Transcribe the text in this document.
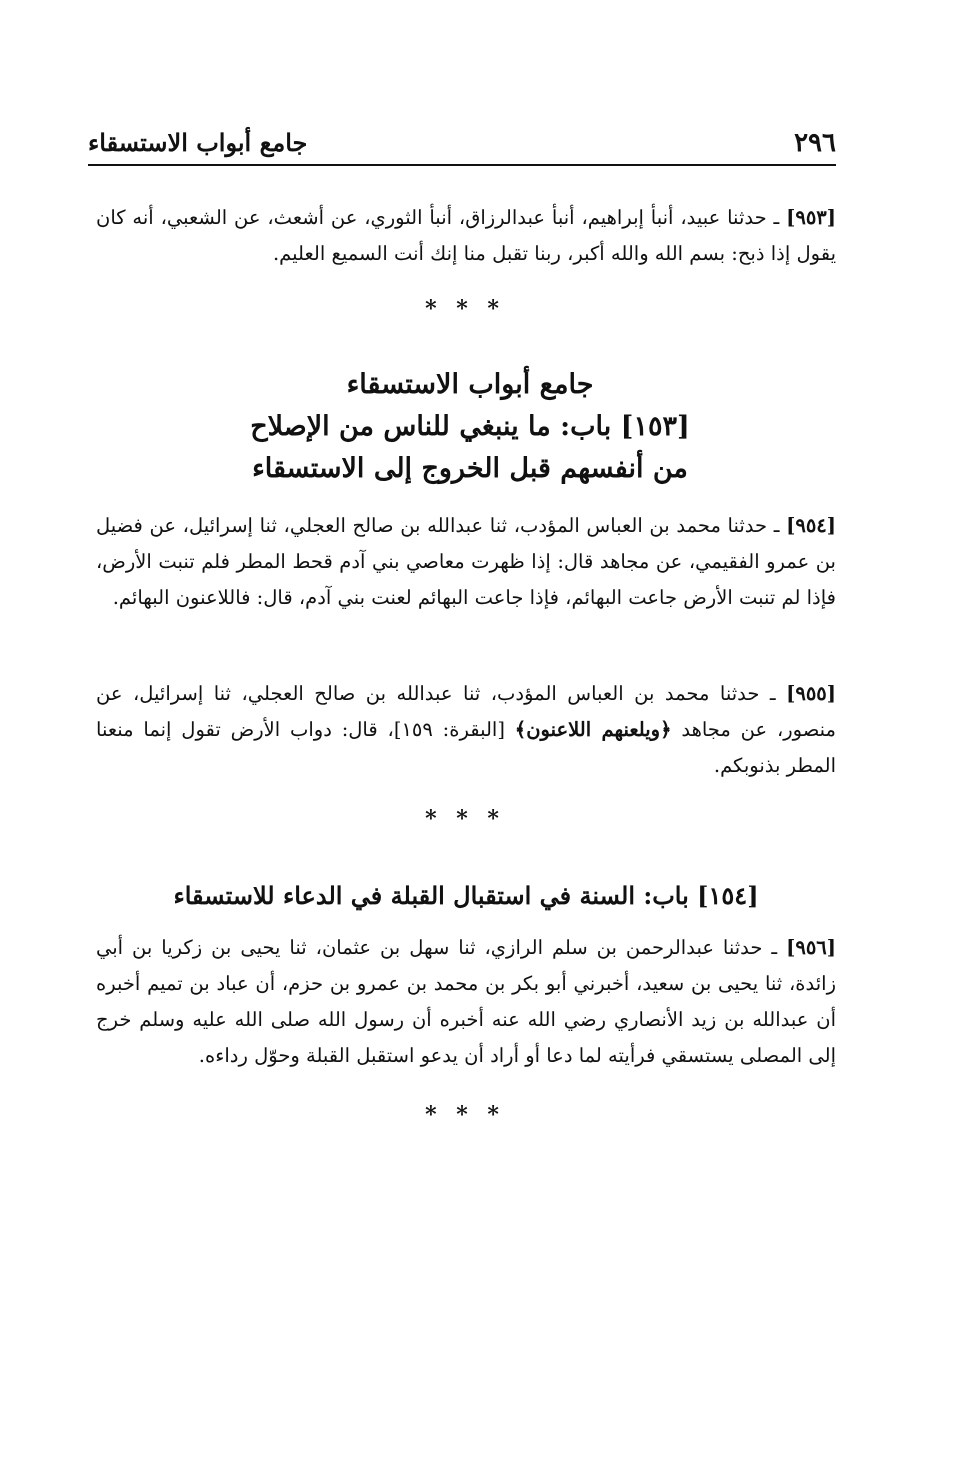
٢٩٦
جامع أبواب الاستسقاء

[٩٥٣] ـ حدثنا عبيد، أنبأ إبراهيم، أنبأ عبدالرزاق، أنبأ الثوري، عن أشعث، عن الشعبي، أنه كان يقول إذا ذبح: بسم الله والله أكبر، ربنا تقبل منا إنك أنت السميع العليم.

* * *
جامع أبواب الاستسقاء
[١٥٣] باب: ما ينبغي للناس من الإصلاح
من أنفسهم قبل الخروج إلى الاستسقاء

[٩٥٤] ـ حدثنا محمد بن العباس المؤدب، ثنا عبدالله بن صالح العجلي، ثنا إسرائيل، عن فضيل بن عمرو الفقيمي، عن مجاهد قال: إذا ظهرت معاصي بني آدم قحط المطر فلم تنبت الأرض، فإذا لم تنبت الأرض جاعت البهائم، فإذا جاعت البهائم لعنت بني آدم، قال: فاللاعنون البهائم.

[٩٥٥] ـ حدثنا محمد بن العباس المؤدب، ثنا عبدالله بن صالح العجلي، ثنا إسرائيل، عن منصور، عن مجاهد ﴿ويلعنهم اللاعنون﴾ [البقرة: ١٥٩]، قال: دواب الأرض تقول إنما منعنا المطر بذنوبكم.

* * *
[١٥٤] باب: السنة في استقبال القبلة في الدعاء للاستسقاء

[٩٥٦] ـ حدثنا عبدالرحمن بن سلم الرازي، ثنا سهل بن عثمان، ثنا يحيى بن زكريا بن أبي زائدة، ثنا يحيى بن سعيد، أخبرني أبو بكر بن محمد بن عمرو بن حزم، أن عباد بن تميم أخبره أن عبدالله بن زيد الأنصاري رضي الله عنه أخبره أن رسول الله صلى الله عليه وسلم خرج إلى المصلى يستسقي فرأيته لما دعا أو أراد أن يدعو استقبل القبلة وحوّل رداءه.

* * *
